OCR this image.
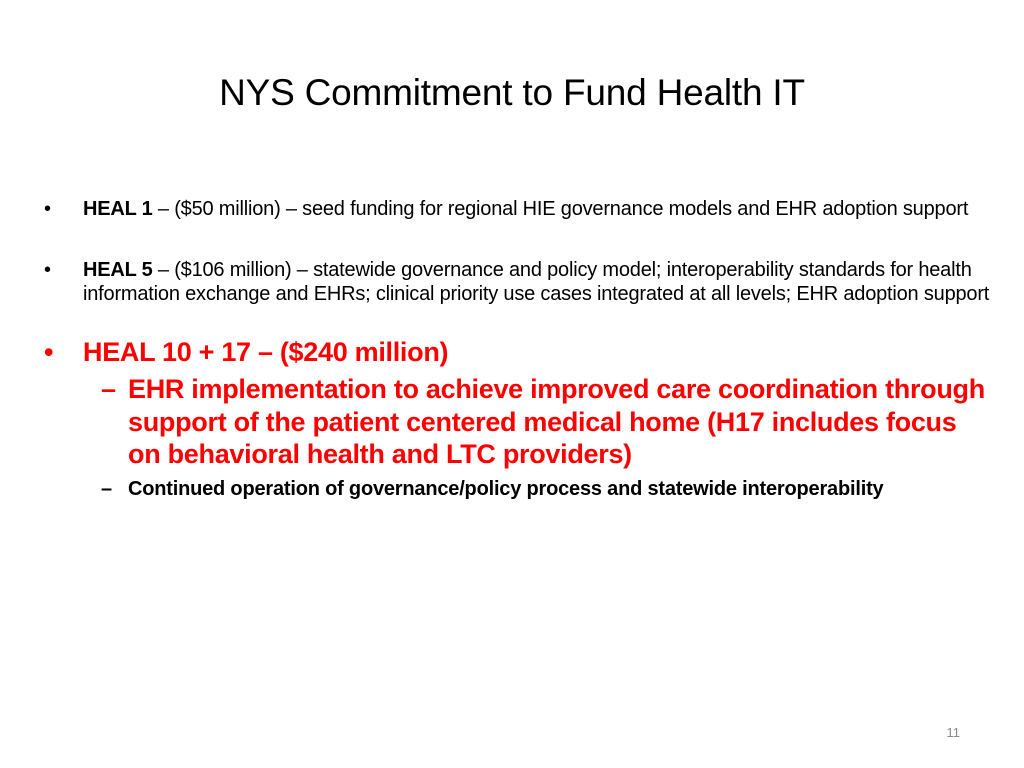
NYS Commitment to Fund Health IT
• HEAL 1 – ($50 million) – seed funding for regional HIE governance models and EHR adoption support
• HEAL 5 – ($106 million) – statewide governance and policy model; interoperability standards for health information exchange and EHRs; clinical priority use cases integrated at all levels; EHR adoption support
• HEAL 10 + 17 – ($240 million)
– EHR implementation to achieve improved care coordination through support of the patient centered medical home (H17 includes focus on behavioral health and LTC providers)
– Continued operation of governance/policy process and statewide interoperability
11
